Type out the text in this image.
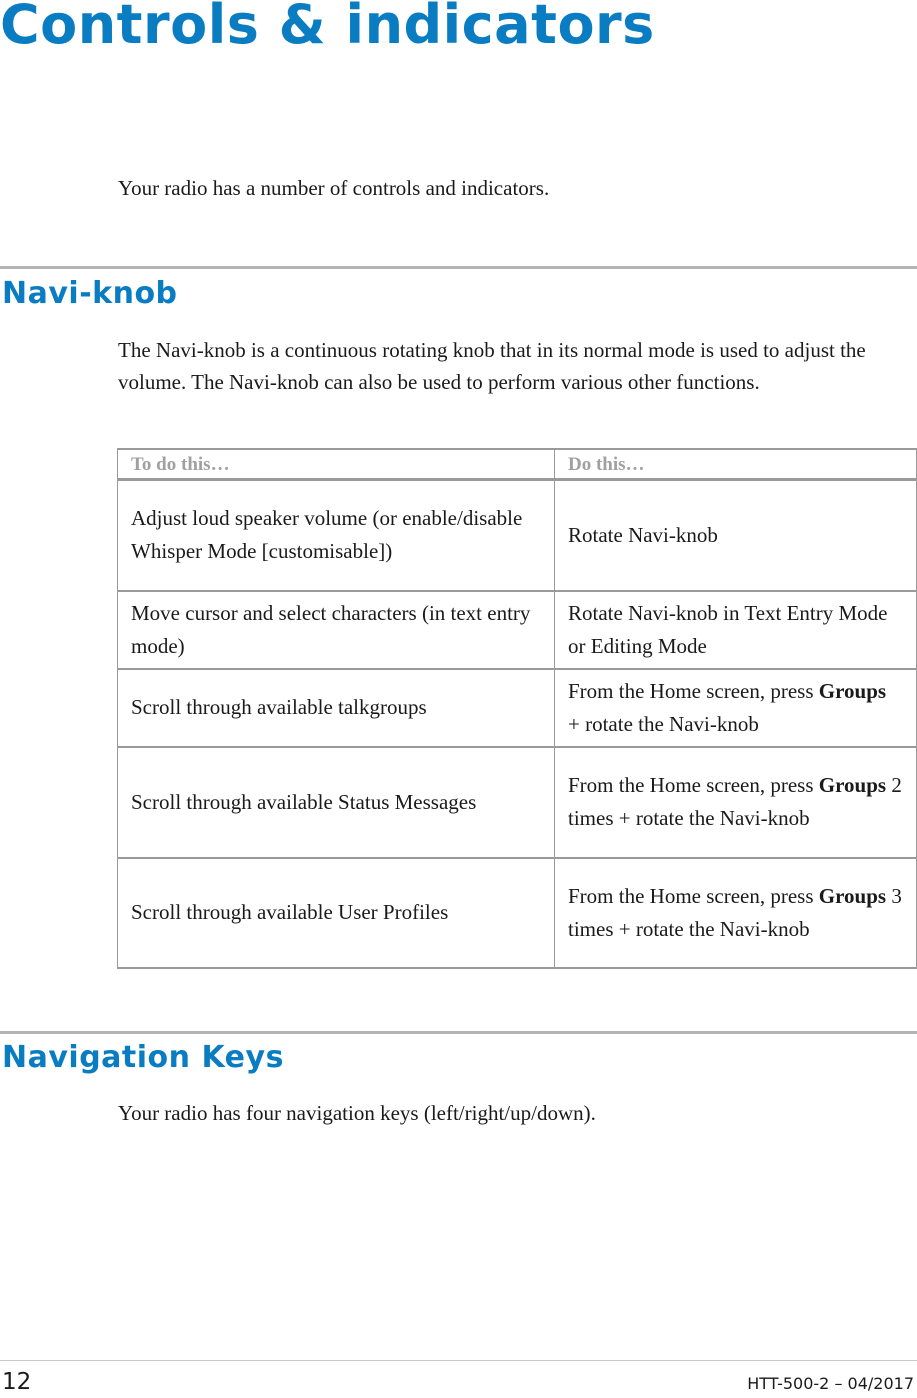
Controls & indicators

Your radio has a number of controls and indicators.

Navi-knob

The Navi-knob is a continuous rotating knob that in its normal mode is used to adjust the volume. The Navi-knob can also be used to perform various other functions.

To do this…	Do this…
Adjust loud speaker volume (or enable/disable Whisper Mode [customisable])	Rotate Navi-knob
Move cursor and select characters (in text entry mode)	Rotate Navi-knob in Text Entry Mode or Editing Mode
Scroll through available talkgroups	From the Home screen, press Groups + rotate the Navi-knob

Scroll through available Status Messages	From the Home screen, press Groups 2 times + rotate the Navi-knob
Scroll through available User Profiles	From the Home screen, press Groups 3 times + rotate the Navi-knob
Navigation Keys

Your radio has four navigation keys (left/right/up/down).

12	HTT-500-2 – 04/2017
